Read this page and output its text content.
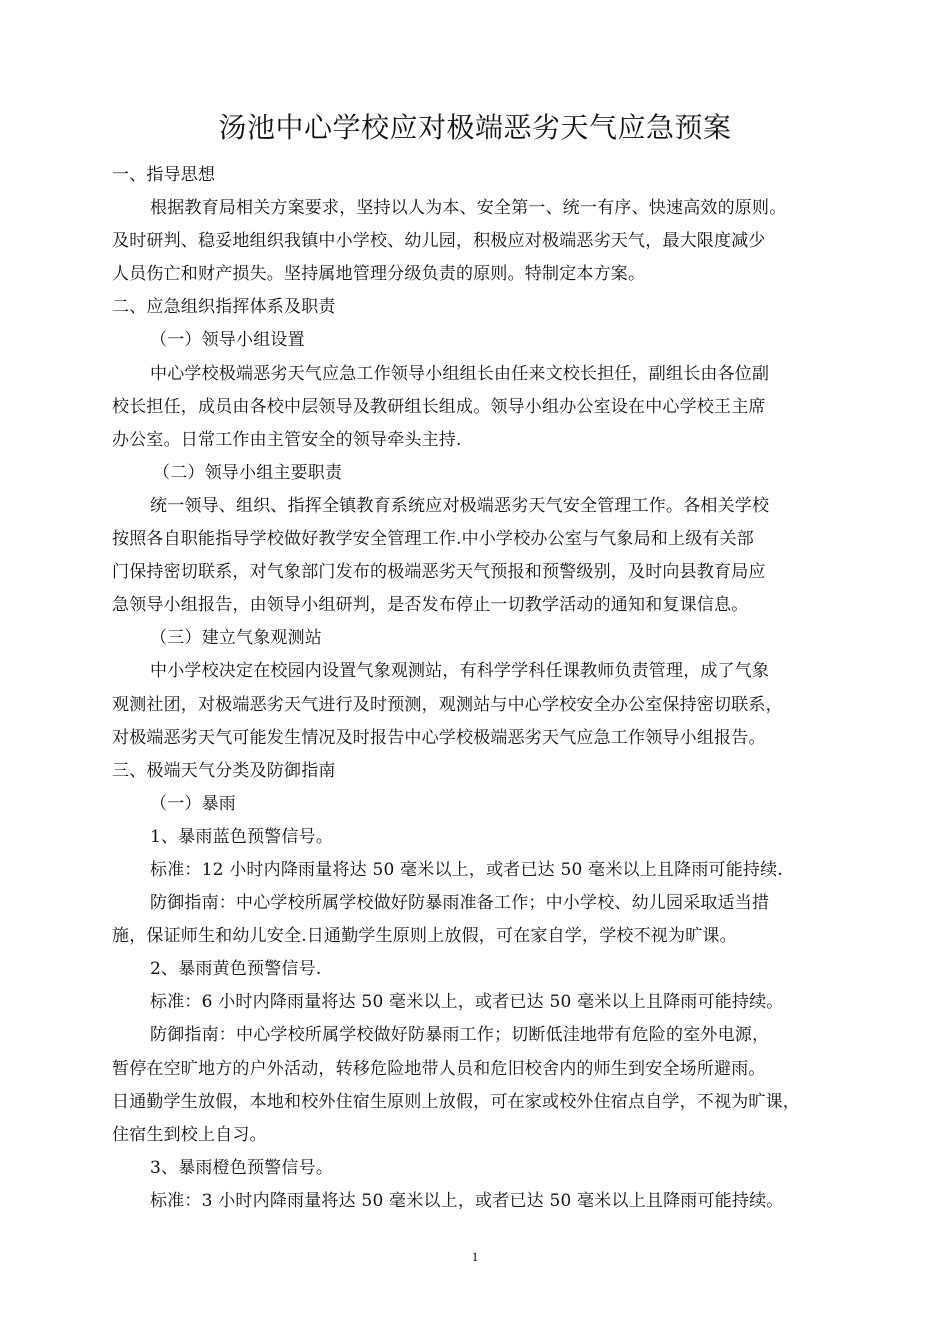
汤池中心学校应对极端恶劣天气应急预案
一、指导思想
根据教育局相关方案要求，坚持以人为本、安全第一、统一有序、快速高效的原则。
及时研判、稳妥地组织我镇中小学校、幼儿园，积极应对极端恶劣天气，最大限度减少
人员伤亡和财产损失。坚持属地管理分级负责的原则。特制定本方案。
二、应急组织指挥体系及职责
（一）领导小组设置
中心学校极端恶劣天气应急工作领导小组组长由任来文校长担任，副组长由各位副
校长担任，成员由各校中层领导及教研组长组成。领导小组办公室设在中心学校王主席
办公室。日常工作由主管安全的领导牵头主持.
（二）领导小组主要职责
统一领导、组织、指挥全镇教育系统应对极端恶劣天气安全管理工作。各相关学校
按照各自职能指导学校做好教学安全管理工作.中小学校办公室与气象局和上级有关部
门保持密切联系，对气象部门发布的极端恶劣天气预报和预警级别，及时向县教育局应
急领导小组报告，由领导小组研判，是否发布停止一切教学活动的通知和复课信息。
（三）建立气象观测站
中小学校决定在校园内设置气象观测站，有科学学科任课教师负责管理，成了气象
观测社团，对极端恶劣天气进行及时预测，观测站与中心学校安全办公室保持密切联系，
对极端恶劣天气可能发生情况及时报告中心学校极端恶劣天气应急工作领导小组报告。
三、极端天气分类及防御指南
（一）暴雨
1、暴雨蓝色预警信号。
标准：12 小时内降雨量将达 50 毫米以上，或者已达 50 毫米以上且降雨可能持续.
防御指南：中心学校所属学校做好防暴雨准备工作；中小学校、幼儿园采取适当措
施，保证师生和幼儿安全.日通勤学生原则上放假，可在家自学，学校不视为旷课。
2、暴雨黄色预警信号.
标准：6 小时内降雨量将达 50 毫米以上，或者已达 50 毫米以上且降雨可能持续。
防御指南：中心学校所属学校做好防暴雨工作；切断低洼地带有危险的室外电源，
暂停在空旷地方的户外活动，转移危险地带人员和危旧校舍内的师生到安全场所避雨。
日通勤学生放假，本地和校外住宿生原则上放假，可在家或校外住宿点自学，不视为旷课，
住宿生到校上自习。
3、暴雨橙色预警信号。
标准：3 小时内降雨量将达 50 毫米以上，或者已达 50 毫米以上且降雨可能持续。
1
